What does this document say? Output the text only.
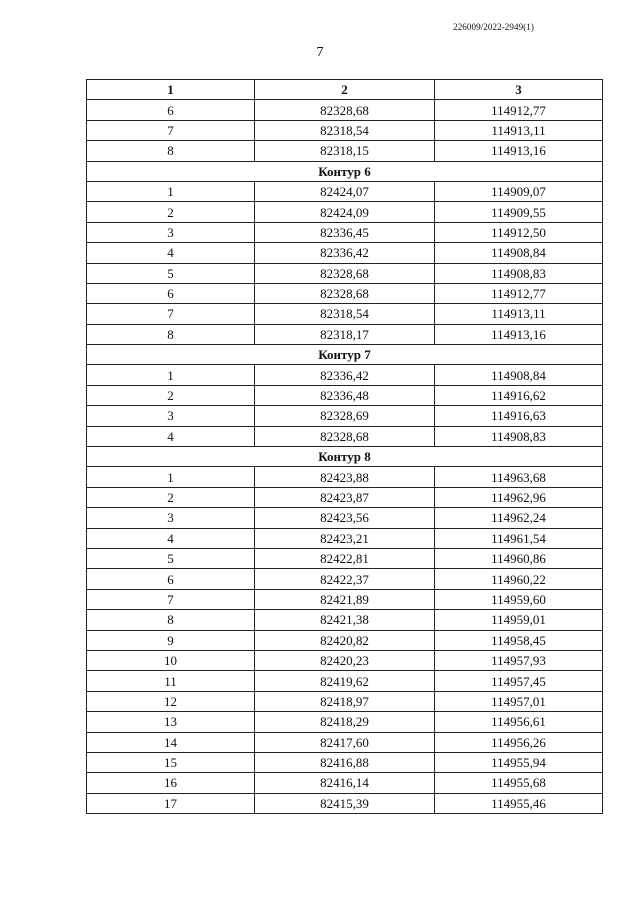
226009/2022-2949(1)
7
1	2	3
6	82328,68	114912,77
7	82318,54	114913,11
8	82318,15	114913,16
Контур 6		
1	82424,07	114909,07
2	82424,09	114909,55
3	82336,45	114912,50
4	82336,42	114908,84
5	82328,68	114908,83
6	82328,68	114912,77
7	82318,54	114913,11
8	82318,17	114913,16
Контур 7		
1	82336,42	114908,84
2	82336,48	114916,62
3	82328,69	114916,63
4	82328,68	114908,83
Контур 8		
1	82423,88	114963,68
2	82423,87	114962,96
3	82423,56	114962,24
4	82423,21	114961,54
5	82422,81	114960,86
6	82422,37	114960,22
7	82421,89	114959,60
8	82421,38	114959,01
9	82420,82	114958,45
10	82420,23	114957,93
11	82419,62	114957,45
12	82418,97	114957,01
13	82418,29	114956,61
14	82417,60	114956,26
15	82416,88	114955,94
16	82416,14	114955,68
17	82415,39	114955,46
